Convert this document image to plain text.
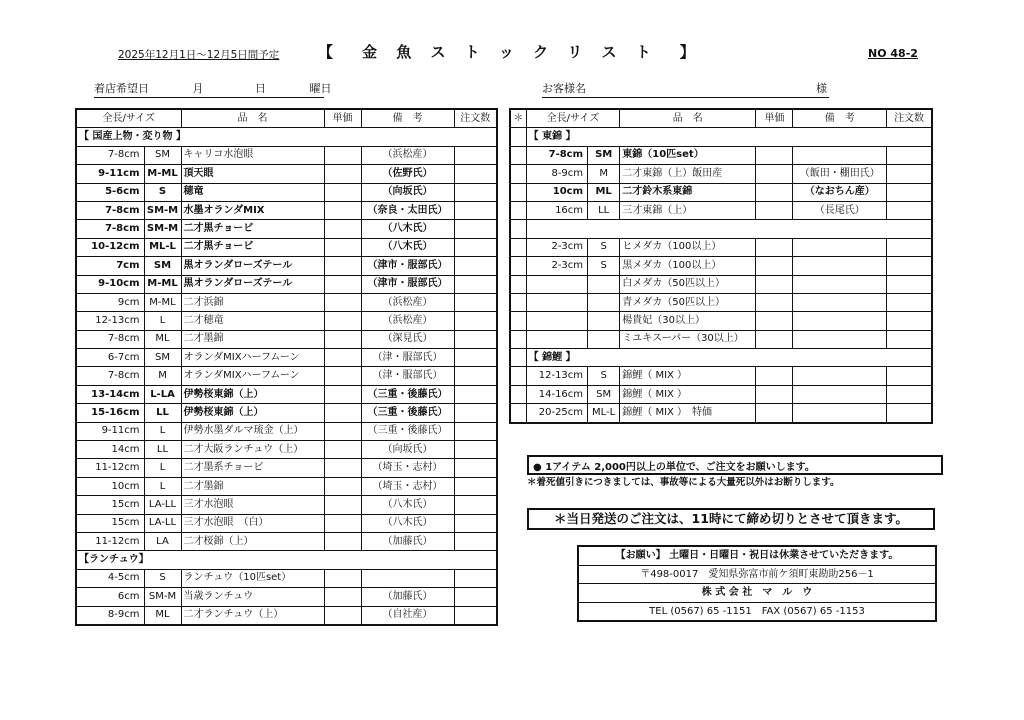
2025年12月1日～12月5日間予定	【　金 魚 ス ト ッ ク リ ス ト　】	NO 48-2
着店希望日	月	日	曜日	お客様名	様
全長/サイズ		品　名	単価	備　考	注文数
【 国産上物・変り物 】					
7-8cm	SM	キャリコ水泡眼		（浜松産）	
9-11cm	M-ML	頂天眼		（佐野氏）	
5-6cm	S	穂竜		（向坂氏）	
7-8cm	SM-M	水墨オランダMIX		（奈良・太田氏）	
7-8cm	SM-M	二才黒チョービ		（八木氏）	
10-12cm	ML-L	二才黒チョービ		（八木氏）	
7cm	SM	黒オランダローズテール		（津市・服部氏）	
9-10cm	M-ML	黒オランダローズテール		（津市・服部氏）	
9cm	M-ML	二才浜錦		（浜松産）	
12-13cm	L	二才穂竜		（浜松産）	
7-8cm	ML	二才墨錦		（深見氏）	
6-7cm	SM	オランダMIXハーフムーン		（津・服部氏）	
7-8cm	M	オランダMIXハーフムーン		（津・服部氏）	
13-14cm	L-LA	伊勢桜東錦（上）		（三重・後藤氏）	
15-16cm	LL	伊勢桜東錦（上）		（三重・後藤氏）	
9-11cm	L	伊勢水墨ダルマ琉金（上）		（三重・後藤氏）	
14cm	LL	二才大阪ランチュウ（上）		（向坂氏）	
11-12cm	L	二才墨系チョービ		（埼玉・志村）	
10cm	L	二才墨錦		（埼玉・志村）	
15cm	LA-LL	三才水泡眼		（八木氏）	
15cm	LA-LL	三才水泡眼　（白）		（八木氏）	
11-12cm	LA	二才桜錦（上）		（加藤氏）	
【ランチュウ】					
4-5cm	S	ランチュウ（10匹set）			
6cm	SM-M	当歳ランチュウ		（加藤氏）	
8-9cm	ML	二才ランチュウ（上）		（自社産）	
＊	全長/サイズ		品　名	単価	備　考	注文数
	【 東錦 】					
	7-8cm	SM	東錦（10匹set）			
	8-9cm	M	二才東錦（上）飯田産		（飯田・棚田氏）	
	10cm	ML	二才鈴木系東錦		（なおちん産）	
	16cm	LL	三才東錦（上）		（長尾氏）	

	2-3cm	S	ヒメダカ（100以上）			
	2-3cm	S	黒メダカ（100以上）			
			白メダカ（50匹以上）			
			青メダカ（50匹以上）			
			楊貴妃（30以上）			
			ミユキスーパー（30以上）			
	【 錦鯉 】					
	12-13cm	S	錦鯉（ MIX ）			
	14-16cm	SM	錦鯉（ MIX ）			
	20-25cm	ML-L	錦鯉（ MIX ）　特価			
● 1アイテム 2,000円以上の単位で、ご注文をお願いします。
＊着死値引きにつきましては、事故等による大量死以外はお断りします。
＊当日発送のご注文は、11時にて締め切りとさせて頂きます。
【お願い】 土曜日・日曜日・祝日は休業させていただきます。
〒498-0017　愛知県弥富市前ケ須町東勘助256－1
株 式 会 社　マ　ル　ウ
TEL (0567) 65 -1151　FAX (0567) 65 -1153
